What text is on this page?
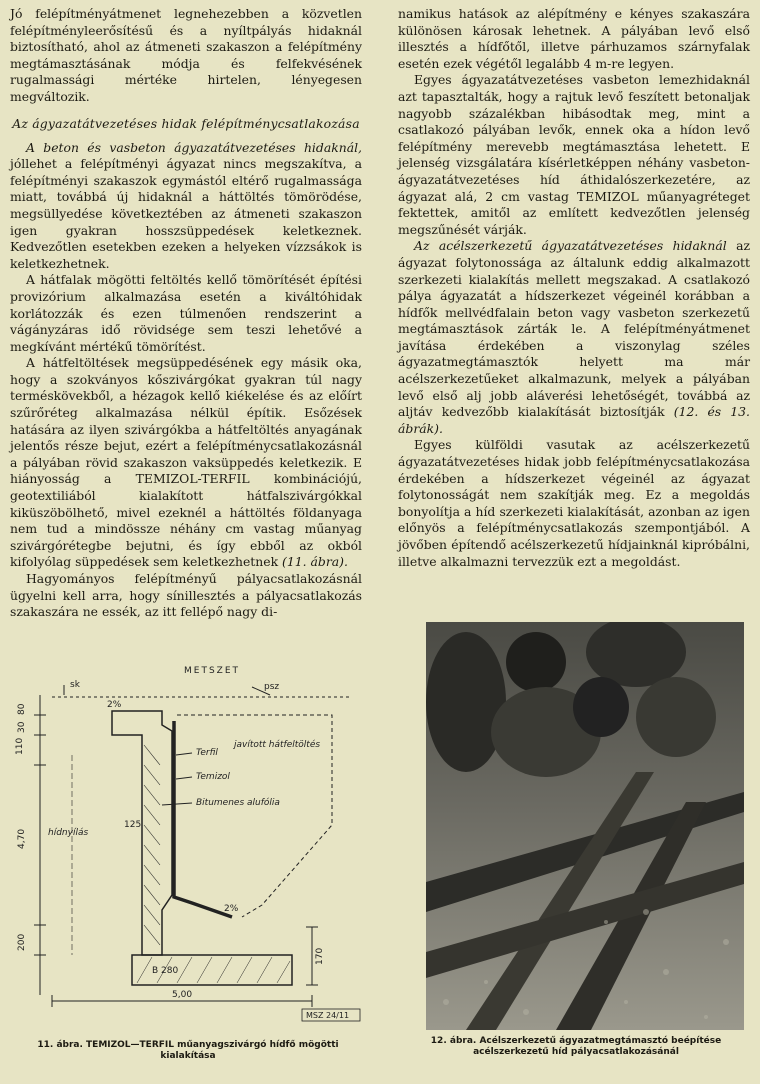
Jó felépítményátmenet legnehezebben a közvetlen felépítményleerősítésű és a nyíltpályás hidaknál biztosítható, ahol az átmeneti szakaszon a felépítmény megtámasztásának módja és felfekvésének rugalmassági mértéke hirtelen, lényegesen megváltozik.

Az ágyazatátvezetéses hidak felépítménycsatlakozása

A beton és vasbeton ágyazatátvezetéses hidaknál, jóllehet a felépítményi ágyazat nincs megszakítva, a felépítményi szakaszok egymástól eltérő rugalmassága miatt, továbbá új hidaknál a háttöltés tömörödése, megsüllyedése következtében az átmeneti szakaszon igen gyakran hosszsüppedések keletkeznek. Kedvezőtlen esetekben ezeken a helyeken vízzsákok is keletkezhetnek.

A hátfalak mögötti feltöltés kellő tömörítését építési provizórium alkalmazása esetén a kiváltóhidak korlátozzák és ezen túlmenően rendszerint a vágányzáras idő rövidsége sem teszi lehetővé a megkívánt mértékű tömörítést.

A hátfeltöltések megsüppedésének egy másik oka, hogy a szokványos kőszivárgókat gyakran túl nagy terméskövekből, a hézagok kellő kiékelése és az előírt szűrőréteg alkalmazása nélkül építik. Esőzések hatására az ilyen szivárgókba a hátfeltöltés anyagának jelentős része bejut, ezért a felépítménycsatlakozásnál a pályában rövid szakaszon vaksüppedés keletkezik. E hiányosság a TEMIZOL-TERFIL kombinációjú, geotextiliából kialakított hátfalszivárgókkal kiküszöbölhető, mivel ezeknél a háttöltés földanyaga nem tud a mindössze néhány cm vastag műanyag szivárgórétegbe bejutni, és így ebből az okból kifolyólag süppedések sem keletkezhetnek (11. ábra).

Hagyományos felépítményű pályacsatlakozásnál ügyelni kell arra, hogy sínillesztés a pályacsatlakozás szakaszára ne essék, az itt fellépő nagy di-

namikus hatások az alépítmény e kényes szakaszára különösen károsak lehetnek. A pályában levő első illesztés a hídfőtől, illetve párhuzamos szárnyfalak esetén ezek végétől legalább 4 m-re legyen.

Egyes ágyazatátvezetéses vasbeton lemezhidaknál azt tapasztalták, hogy a rajtuk levő feszített betonaljak nagyobb százalékban hibásodtak meg, mint a csatlakozó pályában levők, ennek oka a hídon levő felépítmény merevebb megtámasztása lehetett. E jelenség vizsgálatára kísérletképpen néhány vasbeton-ágyazatátvezetéses híd áthidalószerkezetére, az ágyazat alá, 2 cm vastag TEMIZOL műanyagréteget fektettek, amitől az említett kedvezőtlen jelenség megszűnését várják.

Az acélszerkezetű ágyazatátvezetéses hidaknál az ágyazat folytonossága az általunk eddig alkalmazott szerkezeti kialakítás mellett megszakad. A csatlakozó pálya ágyazatát a hídszerkezet végeinél korábban a hídfők mellvédfalain beton vagy vasbeton szerkezetű megtámasztások zárták le. A felépítményátmenet javítása érdekében a viszonylag széles ágyazatmegtámasztók helyett ma már acélszerkezetűeket alkalmazunk, melyek a pályában levő első alj jobb aláverési lehetőségét, továbbá az aljtáv kedvezőbb kialakítását biztosítják (12. és 13. ábrák).

Egyes külföldi vasutak az acélszerkezetű ágyazatátvezetéses hidak jobb felépítménycsatlakozása érdekében a hídszerkezet végeinél az ágyazat folytonosságát nem szakítják meg. Ez a megoldás bonyolítja a híd szerkezeti kialakítását, azonban az igen előnyös a felépítménycsatlakozás szempontjából. A jövőben építendő acélszerkezetű hídjainknál kipróbálni, illetve alkalmazni tervezzük ezt a megoldást.

METSZET
sk	psz
2%
2%
javított hátfeltöltés
Terfil
Temizol
Bitumenes alufólia
hídnyílás
125
4,70
110
30
80
200
170
B 280
5,00
MSZ 24/11
11. ábra. TEMIZOL—TERFIL műanyagszivárgó hídfő mögötti kialakítása
12. ábra. Acélszerkezetű ágyazatmegtámasztó beépítése acélszerkezetű híd pályacsatlakozásánál
